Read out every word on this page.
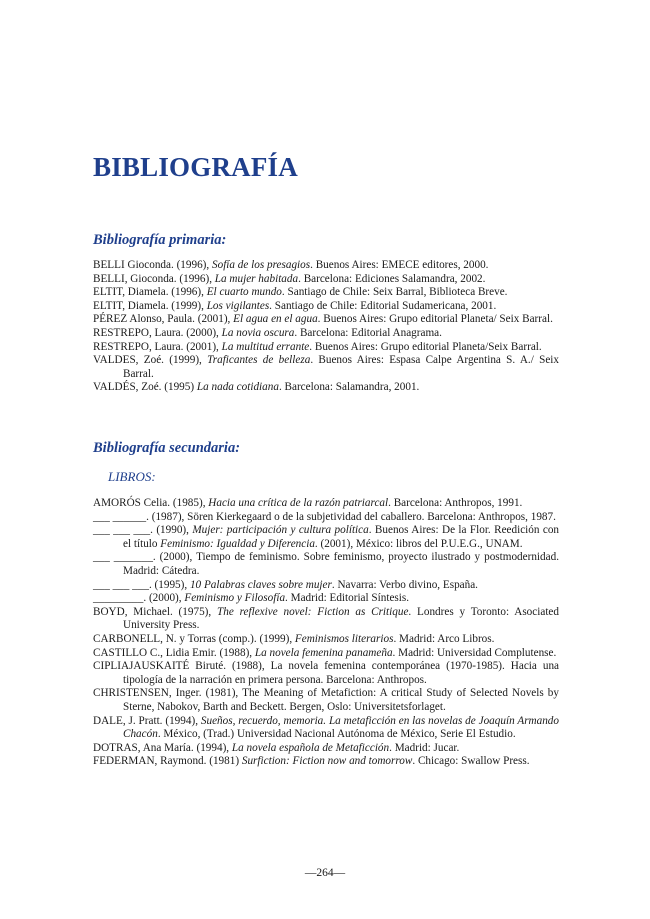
BIBLIOGRAFÍA
Bibliografía primaria:
BELLI Gioconda. (1996), Sofía de los presagios. Buenos Aires: EMECE editores, 2000.
BELLI, Gioconda. (1996), La mujer habitada. Barcelona: Ediciones Salamandra, 2002.
ELTIT, Diamela. (1996), El cuarto mundo. Santiago de Chile: Seix Barral, Biblioteca Breve.
ELTIT, Diamela. (1999), Los vigilantes. Santiago de Chile: Editorial Sudamericana, 2001.
PÉREZ Alonso, Paula. (2001), El agua en el agua. Buenos Aires: Grupo editorial Planeta/ Seix Barral.
RESTREPO, Laura. (2000), La novia oscura. Barcelona: Editorial Anagrama.
RESTREPO, Laura. (2001), La multitud errante. Buenos Aires: Grupo editorial Planeta/Seix Barral.
VALDES, Zoé. (1999), Traficantes de belleza. Buenos Aires: Espasa Calpe Argentina S. A./ Seix Barral.
VALDÉS, Zoé. (1995) La nada cotidiana. Barcelona: Salamandra, 2001.
Bibliografía secundaria:
LIBROS:
AMORÓS Celia. (1985), Hacia una crítica de la razón patriarcal. Barcelona: Anthropos, 1991.
___ ______. (1987), Sören Kierkegaard o de la subjetividad del caballero. Barcelona: Anthropos, 1987.
___ ___ ___. (1990), Mujer: participación y cultura política. Buenos Aires: De la Flor. Reedición con el título Feminismo: Igualdad y Diferencia. (2001), México: libros del P.U.E.G., UNAM.
___ _______. (2000), Tiempo de feminismo. Sobre feminismo, proyecto ilustrado y postmodernidad. Madrid: Cátedra.
___ ___ ___. (1995), 10 Palabras claves sobre mujer. Navarra: Verbo divino, España.
_________. (2000), Feminismo y Filosofía. Madrid: Editorial Síntesis.
BOYD, Michael. (1975), The reflexive novel: Fiction as Critique. Londres y Toronto: Asociated University Press.
CARBONELL, N. y Torras (comp.). (1999), Feminismos literarios. Madrid: Arco Libros.
CASTILLO C., Lidia Emir. (1988), La novela femenina panameña. Madrid: Universidad Complutense.
CIPLIAJAUSKAITÉ Biruté. (1988), La novela femenina contemporánea (1970-1985). Hacia una tipología de la narración en primera persona. Barcelona: Anthropos.
CHRISTENSEN, Inger. (1981), The Meaning of Metafiction: A critical Study of Selected Novels by Sterne, Nabokov, Barth and Beckett. Bergen, Oslo: Universitetsforlaget.
DALE, J. Pratt. (1994), Sueños, recuerdo, memoria. La metaficción en las novelas de Joaquín Armando Chacón. México, (Trad.) Universidad Nacional Autónoma de México, Serie El Estudio.
DOTRAS, Ana María. (1994), La novela española de Metaficción. Madrid: Jucar.
FEDERMAN, Raymond. (1981) Surfiction: Fiction now and tomorrow. Chicago: Swallow Press.
—264—
